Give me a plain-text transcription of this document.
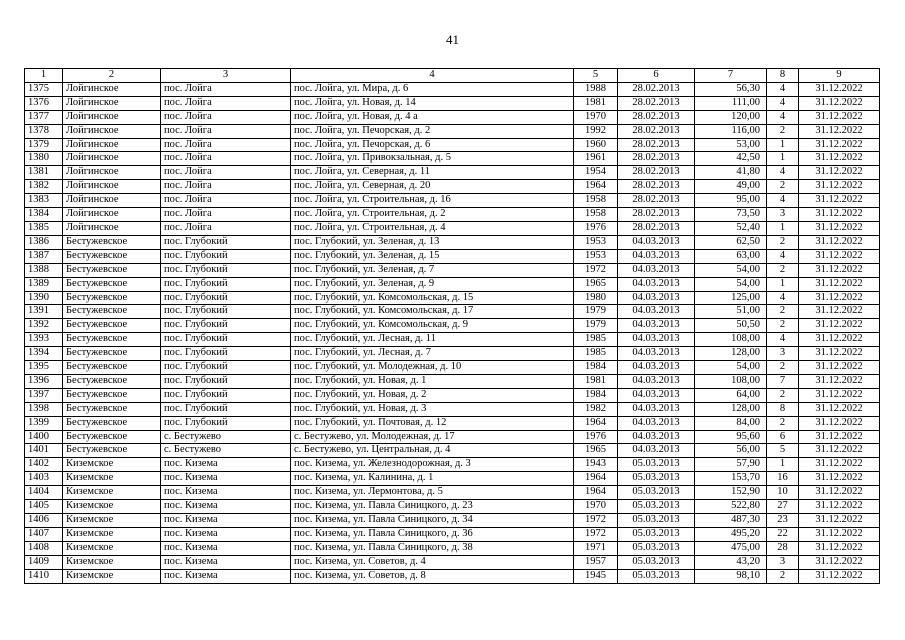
41
1	2	3	4	5	6	7	8	9
1375	Лойгинское	пос. Лойга	пос. Лойга, ул. Мира, д. 6	1988	28.02.2013	56,30	4	31.12.2022
1376	Лойгинское	пос. Лойга	пос. Лойга, ул. Новая, д. 14	1981	28.02.2013	111,00	4	31.12.2022
1377	Лойгинское	пос. Лойга	пос. Лойга, ул. Новая, д. 4 а	1970	28.02.2013	120,00	4	31.12.2022
1378	Лойгинское	пос. Лойга	пос. Лойга, ул. Печорская, д. 2	1992	28.02.2013	116,00	2	31.12.2022
1379	Лойгинское	пос. Лойга	пос. Лойга, ул. Печорская, д. 6	1960	28.02.2013	53,00	1	31.12.2022
1380	Лойгинское	пос. Лойга	пос. Лойга, ул. Привокзальная, д. 5	1961	28.02.2013	42,50	1	31.12.2022
1381	Лойгинское	пос. Лойга	пос. Лойга, ул. Северная, д. 11	1954	28.02.2013	41,80	4	31.12.2022
1382	Лойгинское	пос. Лойга	пос. Лойга, ул. Северная, д. 20	1964	28.02.2013	49,00	2	31.12.2022
1383	Лойгинское	пос. Лойга	пос. Лойга, ул. Строительная, д. 16	1958	28.02.2013	95,00	4	31.12.2022
1384	Лойгинское	пос. Лойга	пос. Лойга, ул. Строительная, д. 2	1958	28.02.2013	73,50	3	31.12.2022
1385	Лойгинское	пос. Лойга	пос. Лойга, ул. Строительная, д. 4	1976	28.02.2013	52,40	1	31.12.2022
1386	Бестужевское	пос. Глубокий	пос. Глубокий, ул. Зеленая, д. 13	1953	04.03.2013	62,50	2	31.12.2022
1387	Бестужевское	пос. Глубокий	пос. Глубокий, ул. Зеленая, д. 15	1953	04.03.2013	63,00	4	31.12.2022
1388	Бестужевское	пос. Глубокий	пос. Глубокий, ул. Зеленая, д. 7	1972	04.03.2013	54,00	2	31.12.2022
1389	Бестужевское	пос. Глубокий	пос. Глубокий, ул. Зеленая, д. 9	1965	04.03.2013	54,00	1	31.12.2022
1390	Бестужевское	пос. Глубокий	пос. Глубокий, ул. Комсомольская, д. 15	1980	04.03.2013	125,00	4	31.12.2022
1391	Бестужевское	пос. Глубокий	пос. Глубокий, ул. Комсомольская, д. 17	1979	04.03.2013	51,00	2	31.12.2022
1392	Бестужевское	пос. Глубокий	пос. Глубокий, ул. Комсомольская, д. 9	1979	04.03.2013	50,50	2	31.12.2022
1393	Бестужевское	пос. Глубокий	пос. Глубокий, ул. Лесная, д. 11	1985	04.03.2013	108,00	4	31.12.2022
1394	Бестужевское	пос. Глубокий	пос. Глубокий, ул. Лесная, д. 7	1985	04.03.2013	128,00	3	31.12.2022
1395	Бестужевское	пос. Глубокий	пос. Глубокий, ул. Молодежная, д. 10	1984	04.03.2013	54,00	2	31.12.2022
1396	Бестужевское	пос. Глубокий	пос. Глубокий, ул. Новая, д. 1	1981	04.03.2013	108,00	7	31.12.2022
1397	Бестужевское	пос. Глубокий	пос. Глубокий, ул. Новая, д. 2	1984	04.03.2013	64,00	2	31.12.2022
1398	Бестужевское	пос. Глубокий	пос. Глубокий, ул. Новая, д. 3	1982	04.03.2013	128,00	8	31.12.2022
1399	Бестужевское	пос. Глубокий	пос. Глубокий, ул. Почтовая, д. 12	1964	04.03.2013	84,00	2	31.12.2022
1400	Бестужевское	с. Бестужево	с. Бестужево, ул. Молодежная, д. 17	1976	04.03.2013	95,60	6	31.12.2022
1401	Бестужевское	с. Бестужево	с. Бестужево, ул. Центральная, д. 4	1965	04.03.2013	56,00	5	31.12.2022
1402	Киземское	пос. Кизема	пос. Кизема, ул. Железнодорожная, д. 3	1943	05.03.2013	57,90	1	31.12.2022
1403	Киземское	пос. Кизема	пос. Кизема, ул. Калинина, д. 1	1964	05.03.2013	153,70	16	31.12.2022
1404	Киземское	пос. Кизема	пос. Кизема, ул. Лермонтова, д. 5	1964	05.03.2013	152,90	10	31.12.2022
1405	Киземское	пос. Кизема	пос. Кизема, ул. Павла Синицкого, д. 23	1970	05.03.2013	522,80	27	31.12.2022
1406	Киземское	пос. Кизема	пос. Кизема, ул. Павла Синицкого, д. 34	1972	05.03.2013	487,30	23	31.12.2022
1407	Киземское	пос. Кизема	пос. Кизема, ул. Павла Синицкого, д. 36	1972	05.03.2013	495,20	22	31.12.2022
1408	Киземское	пос. Кизема	пос. Кизема, ул. Павла Синицкого, д. 38	1971	05.03.2013	475,00	28	31.12.2022
1409	Киземское	пос. Кизема	пос. Кизема, ул. Советов, д. 4	1957	05.03.2013	43,20	3	31.12.2022
1410	Киземское	пос. Кизема	пос. Кизема, ул. Советов, д. 8	1945	05.03.2013	98,10	2	31.12.2022
